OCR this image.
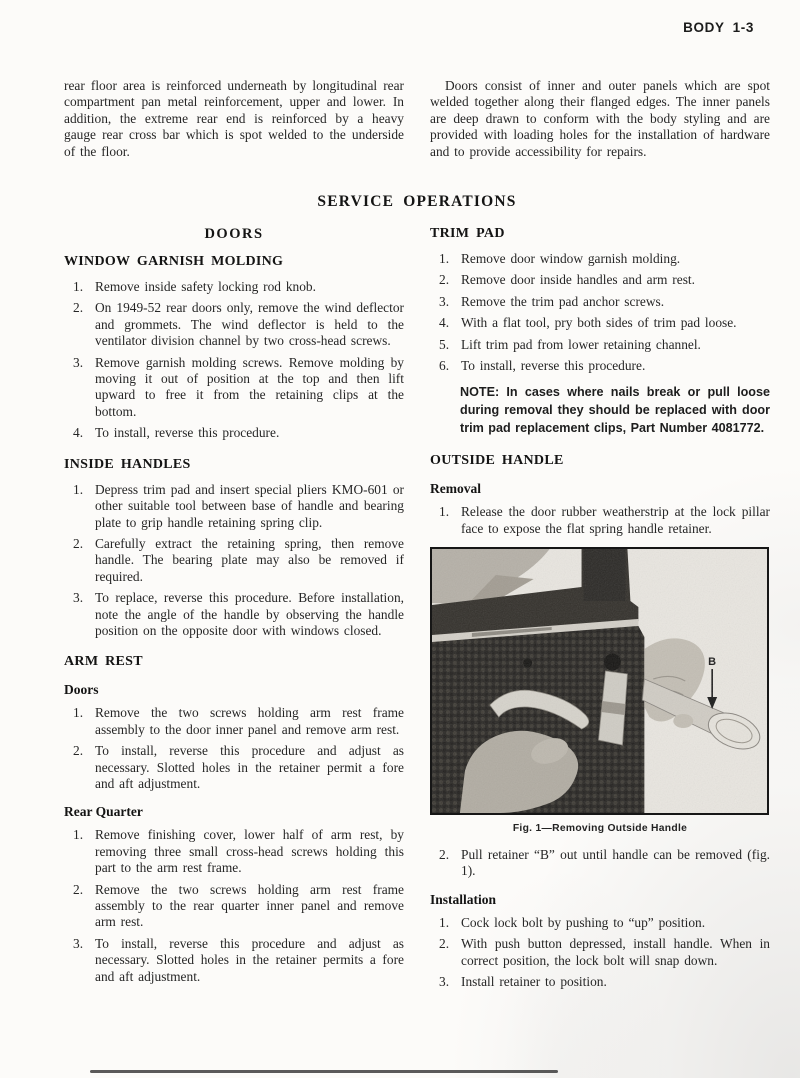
BODY 1-3

rear floor area is reinforced underneath by longitudinal rear compartment pan metal reinforcement, upper and lower. In addition, the extreme rear end is reinforced by a heavy gauge rear cross bar which is spot welded to the underside of the floor.

Doors consist of inner and outer panels which are spot welded together along their flanged edges. The inner panels are deep drawn to conform with the body styling and are provided with loading holes for the installation of hardware and to provide accessibility for repairs.

SERVICE OPERATIONS
DOORS
WINDOW GARNISH MOLDING
Remove inside safety locking rod knob.
On 1949-52 rear doors only, remove the wind deflector and grommets. The wind deflector is held to the ventilator division channel by two cross-head screws.
Remove garnish molding screws. Remove molding by moving it out of position at the top and then lift upward to free it from the retaining clips at the bottom.
To install, reverse this procedure.
INSIDE HANDLES
Depress trim pad and insert special pliers KMO-601 or other suitable tool between base of handle and bearing plate to grip handle retaining spring clip.
Carefully extract the retaining spring, then remove handle. The bearing plate may also be removed if required.
To replace, reverse this procedure. Before installation, note the angle of the handle by observing the handle position on the opposite door with windows closed.
ARM REST
Doors
Remove the two screws holding arm rest frame assembly to the door inner panel and remove arm rest.
To install, reverse this procedure and adjust as necessary. Slotted holes in the retainer permit a fore and aft adjustment.
Rear Quarter
Remove finishing cover, lower half of arm rest, by removing three small cross-head screws holding this part to the arm rest frame.
Remove the two screws holding arm rest frame assembly to the rear quarter inner panel and remove arm rest.
To install, reverse this procedure and adjust as necessary. Slotted holes in the retainer permits a fore and aft adjustment.
TRIM PAD
Remove door window garnish molding.
Remove door inside handles and arm rest.
Remove the trim pad anchor screws.
With a flat tool, pry both sides of trim pad loose.
Lift trim pad from lower retaining channel.
To install, reverse this procedure.
NOTE: In cases where nails break or pull loose during removal they should be replaced with door trim pad replacement clips, Part Number 4081772.
OUTSIDE HANDLE
Removal
Release the door rubber weatherstrip at the lock pillar face to expose the flat spring handle retainer.
B
Fig. 1—Removing Outside Handle
Pull retainer “B” out until handle can be removed (fig. 1).
Installation
Cock lock bolt by pushing to “up” position.
With push button depressed, install handle. When in correct position, the lock bolt will snap down.
Install retainer to position.
